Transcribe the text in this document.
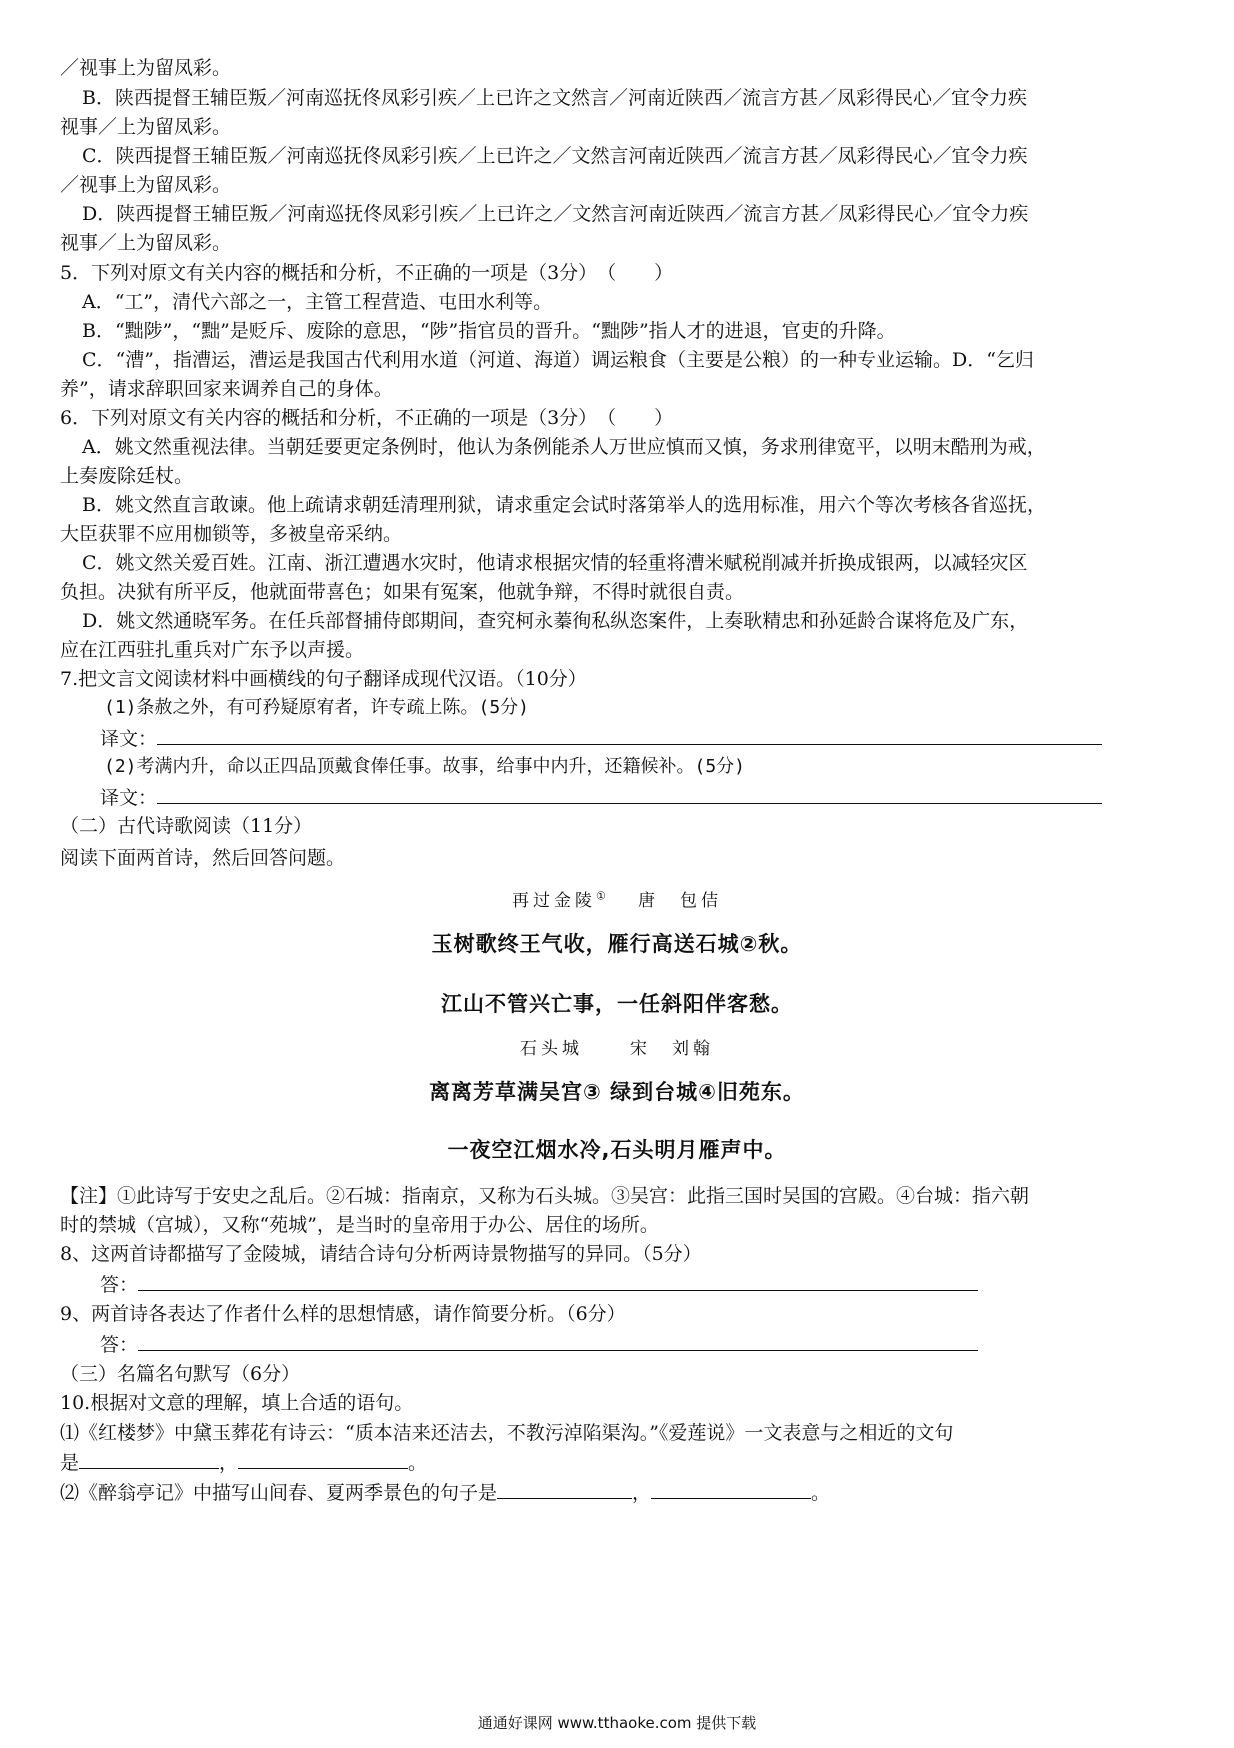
／视事上为留凤彩。
B．陕西提督王辅臣叛／河南巡抚佟凤彩引疾／上已许之文然言／河南近陕西／流言方甚／凤彩得民心／宜令力疾
视事／上为留凤彩。
C．陕西提督王辅臣叛／河南巡抚佟凤彩引疾／上已许之／文然言河南近陕西／流言方甚／凤彩得民心／宜令力疾
／视事上为留凤彩。
D．陕西提督王辅臣叛／河南巡抚佟凤彩引疾／上已许之／文然言河南近陕西／流言方甚／凤彩得民心／宜令力疾
视事／上为留凤彩。
5．下列对原文有关内容的概括和分析，不正确的一项是（3分）　（　　）
A．“工”，清代六部之一，主管工程营造、屯田水利等。
B．“黜陟”，“黜”是贬斥、废除的意思，“陟”指官员的晋升。“黜陟”指人才的进退，官吏的升降。
C．“漕”，指漕运，漕运是我国古代利用水道（河道、海道）调运粮食（主要是公粮）的一种专业运输。D．“乞归
养”，请求辞职回家来调养自己的身体。
6．下列对原文有关内容的概括和分析，不正确的一项是（3分）　（　　）
A．姚文然重视法律。当朝廷要更定条例时，他认为条例能杀人万世应慎而又慎，务求刑律宽平，以明末酷刑为戒，
上奏废除廷杖。
B．姚文然直言敢谏。他上疏请求朝廷清理刑狱，请求重定会试时落第举人的选用标准，用六个等次考核各省巡抚，
大臣获罪不应用枷锁等，多被皇帝采纳。
C．姚文然关爱百姓。江南、浙江遭遇水灾时，他请求根据灾情的轻重将漕米赋税削减并折换成银两，以减轻灾区
负担。决狱有所平反，他就面带喜色；如果有冤案，他就争辩，不得时就很自责。
D．姚文然通晓军务。在任兵部督捕侍郎期间，查究柯永蓁徇私纵恣案件，上奏耿精忠和孙延龄合谋将危及广东，
应在江西驻扎重兵对广东予以声援。
7.把文言文阅读材料中画横线的句子翻译成现代汉语。（10分）
(1)条赦之外，有可矜疑原宥者，许专疏上陈。(5分)
译文：
(2)考满内升，命以正四品顶戴食俸任事。故事，给事中内升，还籍候补。(5分)
译文：
（二）古代诗歌阅读（11分）
阅读下面两首诗，然后回答问题。
再过金陵① 唐　包佶
玉树歌终王气收，雁行高送石城②秋。
江山不管兴亡事，一任斜阳伴客愁。
石头城	宋　刘翰
离离芳草满吴宫③ 绿到台城④旧苑东。
一夜空江烟水冷,石头明月雁声中。
【注】①此诗写于安史之乱后。②石城：指南京，又称为石头城。③吴宫：此指三国时吴国的宫殿。④台城：指六朝
时的禁城（宫城），又称“苑城”，是当时的皇帝用于办公、居住的场所。
8、这两首诗都描写了金陵城，请结合诗句分析两诗景物描写的异同。（5分）
答：
9、两首诗各表达了作者什么样的思想情感，请作简要分析。（6分）
答：
（三）名篇名句默写（6分）
10.根据对文意的理解，填上合适的语句。
⑴《红楼梦》中黛玉葬花有诗云：“质本洁来还洁去，不教污淖陷渠沟。”《爱莲说》一文表意与之相近的文句
是	，	。
⑵《醉翁亭记》中描写山间春、夏两季景色的句子是	，	。
通通好课网 www.tthaoke.com 提供下载
